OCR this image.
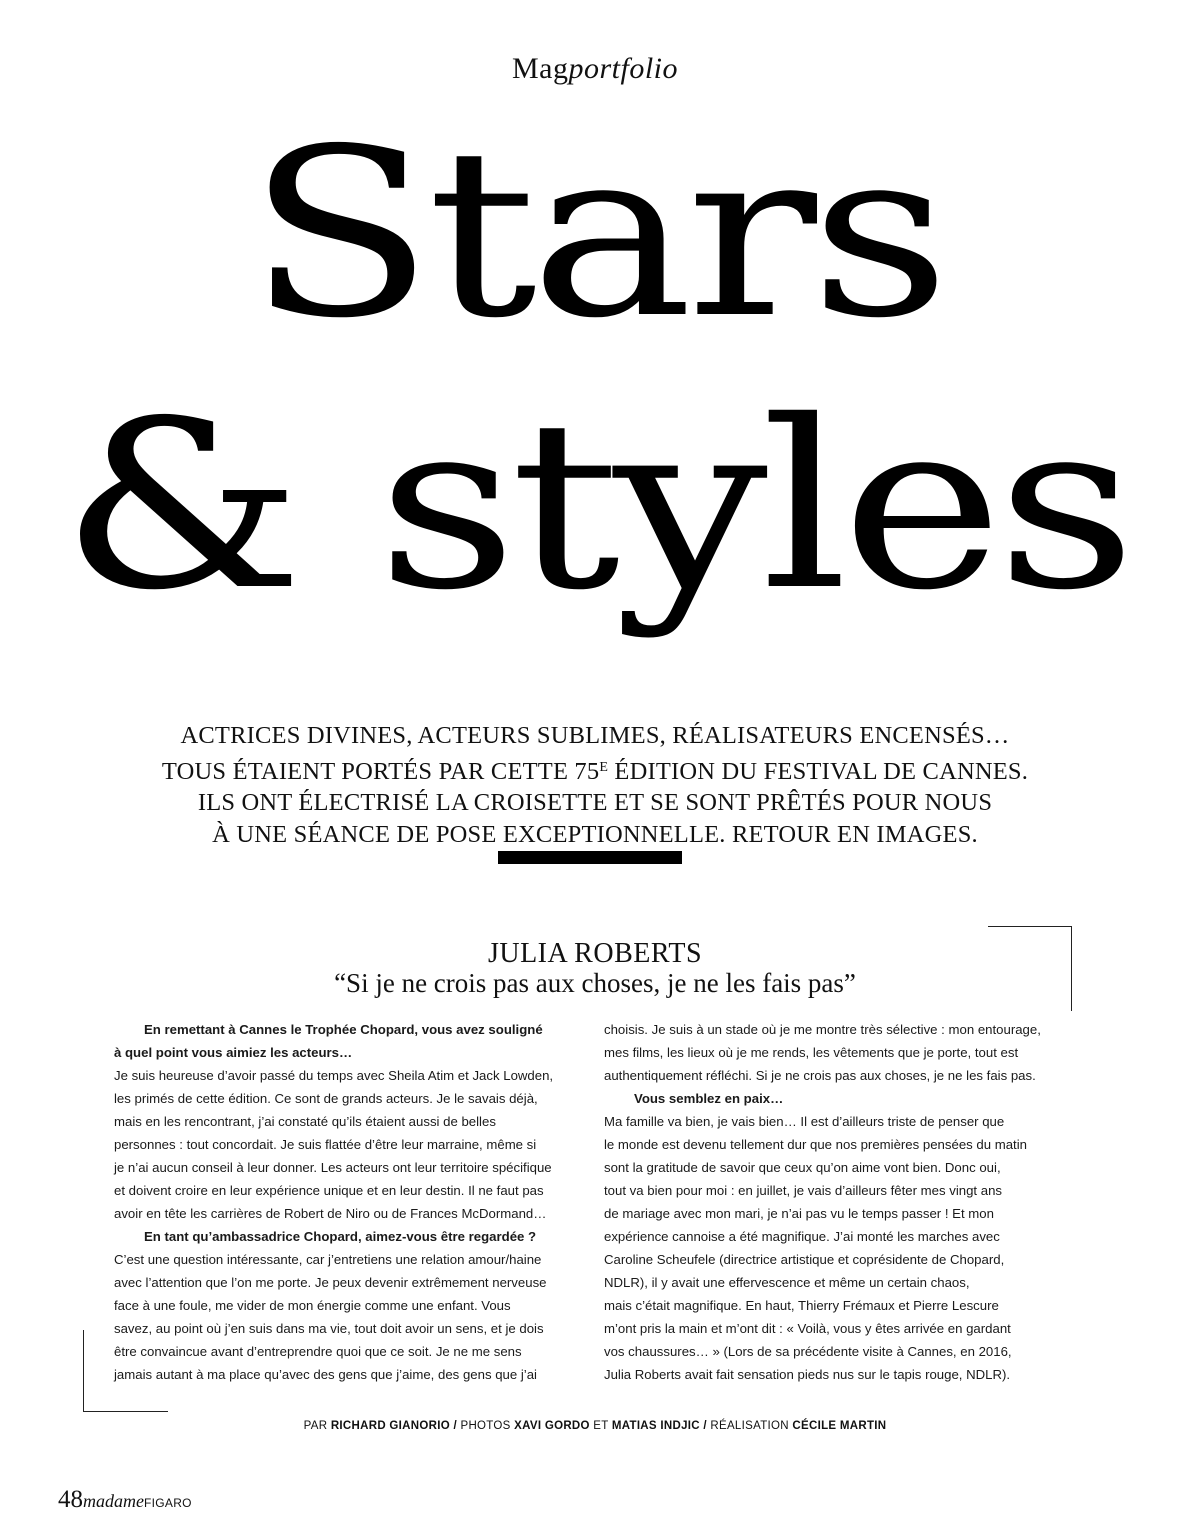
Magportfolio
Stars
& styles
ACTRICES DIVINES, ACTEURS SUBLIMES, RÉALISATEURS ENCENSÉS…
TOUS ÉTAIENT PORTÉS PAR CETTE $75^E$ ÉDITION DU FESTIVAL DE CANNES.
ILS ONT ÉLECTRISÉ LA CROISETTE ET SE SONT PRÊTÉS POUR NOUS
À UNE SÉANCE DE POSE EXCEPTIONNELLE. RETOUR EN IMAGES.
JULIA ROBERTS
“Si je ne crois pas aux choses, je ne les fais pas”

En remettant à Cannes le Trophée Chopard, vous avez souligné

à quel point vous aimiez les acteurs…

Je suis heureuse d’avoir passé du temps avec Sheila Atim et Jack Lowden,

les primés de cette édition. Ce sont de grands acteurs. Je le savais déjà,

mais en les rencontrant, j’ai constaté qu’ils étaient aussi de belles

personnes : tout concordait. Je suis flattée d’être leur marraine, même si

je n’ai aucun conseil à leur donner. Les acteurs ont leur territoire spécifique

et doivent croire en leur expérience unique et en leur destin. Il ne faut pas

avoir en tête les carrières de Robert de Niro ou de Frances McDormand…

En tant qu’ambassadrice Chopard, aimez-vous être regardée ?

C’est une question intéressante, car j’entretiens une relation amour/haine

avec l’attention que l’on me porte. Je peux devenir extrêmement nerveuse

face à une foule, me vider de mon énergie comme une enfant. Vous

savez, au point où j’en suis dans ma vie, tout doit avoir un sens, et je dois

être convaincue avant d’entreprendre quoi que ce soit. Je ne me sens

jamais autant à ma place qu’avec des gens que j’aime, des gens que j’ai

choisis. Je suis à un stade où je me montre très sélective : mon entourage,

mes films, les lieux où je me rends, les vêtements que je porte, tout est

authentiquement réfléchi. Si je ne crois pas aux choses, je ne les fais pas.

Vous semblez en paix…

Ma famille va bien, je vais bien… Il est d’ailleurs triste de penser que

le monde est devenu tellement dur que nos premières pensées du matin

sont la gratitude de savoir que ceux qu’on aime vont bien. Donc oui,

tout va bien pour moi : en juillet, je vais d’ailleurs fêter mes vingt ans

de mariage avec mon mari, je n’ai pas vu le temps passer ! Et mon

expérience cannoise a été magnifique. J’ai monté les marches avec

Caroline Scheufele (directrice artistique et coprésidente de Chopard,

NDLR), il y avait une effervescence et même un certain chaos,

mais c’était magnifique. En haut, Thierry Frémaux et Pierre Lescure

m’ont pris la main et m’ont dit : « Voilà, vous y êtes arrivée en gardant

vos chaussures… » (Lors de sa précédente visite à Cannes, en 2016,

Julia Roberts avait fait sensation pieds nus sur le tapis rouge, NDLR).

PAR RICHARD GIANORIO / PHOTOS XAVI GORDO ET MATIAS INDJIC / RÉALISATION CÉCILE MARTIN
48madameFIGARO
